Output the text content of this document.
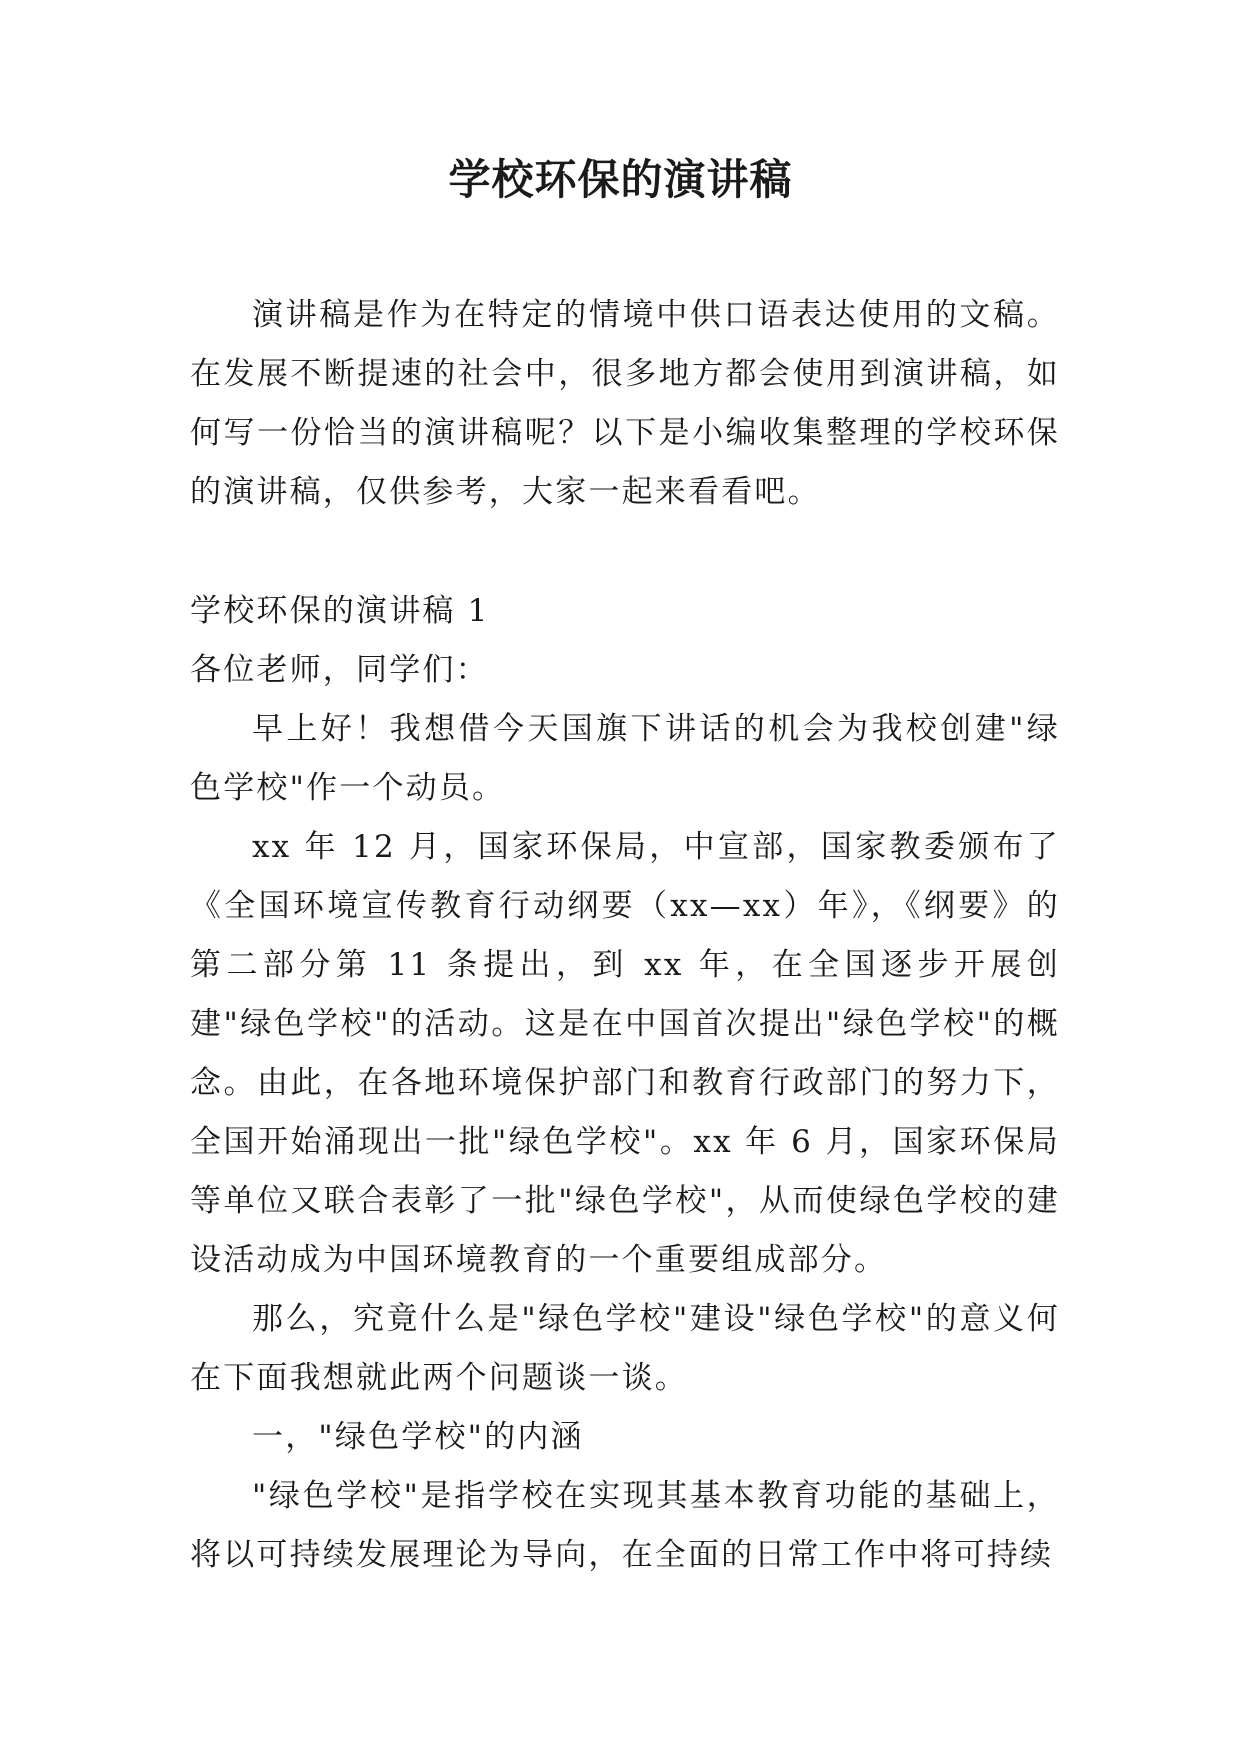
学校环保的演讲稿

演讲稿是作为在特定的情境中供口语表达使用的文稿。在发展不断提速的社会中，很多地方都会使用到演讲稿，如何写一份恰当的演讲稿呢？以下是小编收集整理的学校环保的演讲稿，仅供参考，大家一起来看看吧。

学校环保的演讲稿 1

各位老师，同学们：

早上好！我想借今天国旗下讲话的机会为我校创建"绿色学校"作一个动员。

xx 年 12 月，国家环保局，中宣部，国家教委颁布了《全国环境宣传教育行动纲要（xx—xx）年》，《纲要》的第二部分第 11 条提出，到 xx 年，在全国逐步开展创建"绿色学校"的活动。这是在中国首次提出"绿色学校"的概念。由此，在各地环境保护部门和教育行政部门的努力下，全国开始涌现出一批"绿色学校"。xx 年 6 月，国家环保局等单位又联合表彰了一批"绿色学校"，从而使绿色学校的建设活动成为中国环境教育的一个重要组成部分。

那么，究竟什么是"绿色学校"建设"绿色学校"的意义何在下面我想就此两个问题谈一谈。

一，"绿色学校"的内涵

"绿色学校"是指学校在实现其基本教育功能的基础上，将以可持续发展理论为导向，在全面的日常工作中将可持续
